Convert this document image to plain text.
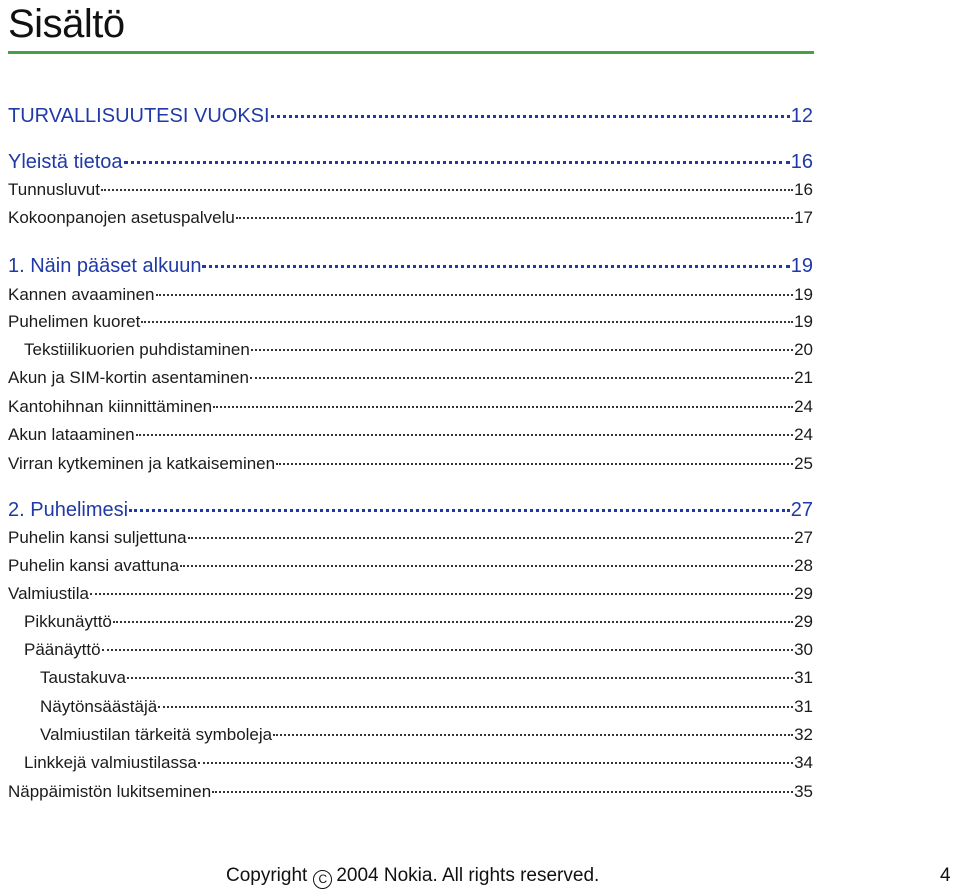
Sisältö
TURVALLISUUTESI VUOKSI	12
Yleistä tietoa	16
Tunnusluvut	16
Kokoonpanojen asetuspalvelu	17
1. Näin pääset alkuun	19
Kannen avaaminen	19
Puhelimen kuoret	19
Tekstiilikuorien puhdistaminen	20
Akun ja SIM-kortin asentaminen	21
Kantohihnan kiinnittäminen	24
Akun lataaminen	24
Virran kytkeminen ja katkaiseminen	25
2. Puhelimesi	27
Puhelin kansi suljettuna	27
Puhelin kansi avattuna	28
Valmiustila	29
Pikkunäyttö	29
Päänäyttö	30
Taustakuva	31
Näytönsäästäjä	31
Valmiustilan tärkeitä symboleja	32
Linkkejä valmiustilassa	34
Näppäimistön lukitseminen	35
Copyright C 2004 Nokia. All rights reserved.	4
